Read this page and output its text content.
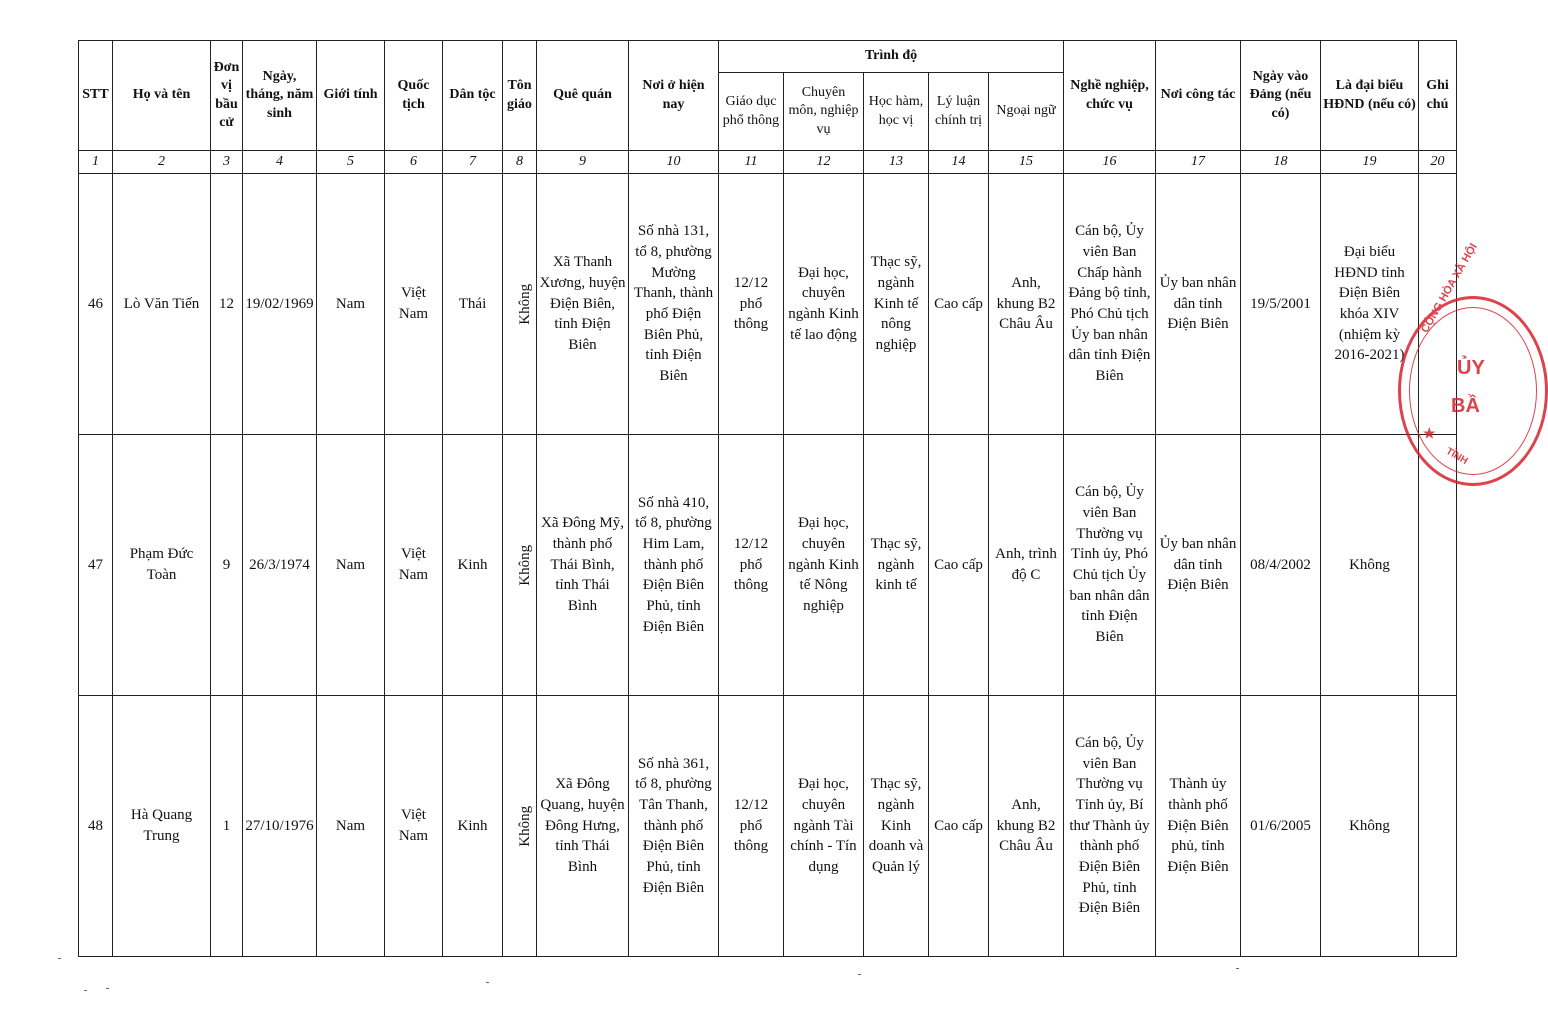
STT	Họ và tên	Đơn vị bầu cử	Ngày, tháng, năm sinh	Giới tính	Quốc tịch	Dân tộc	Tôn giáo	Quê quán	Nơi ở hiện nay	Trình độ					Nghề nghiệp, chức vụ	Nơi công tác	Ngày vào Đảng (nếu có)	Là đại biểu HĐND (nếu có)	Ghi chú
										Giáo dục phổ thông	Chuyên môn, nghiệp vụ	Học hàm, học vị	Lý luận chính trị	Ngoại ngữ					
1	2	3	4	5	6	7	8	9	10	11	12	13	14	15	16	17	18	19	20
46	Lò Văn Tiến	12	19/02/1969	Nam	Việt Nam	Thái	Không	Xã Thanh Xương, huyện Điện Biên, tỉnh Điện Biên	Số nhà 131, tổ 8, phường Mường Thanh, thành phố Điện Biên Phủ, tỉnh Điện Biên	12/12 phổ thông	Đại học, chuyên ngành Kinh tế lao động	Thạc sỹ, ngành Kinh tế nông nghiệp	Cao cấp	Anh, khung B2 Châu Âu	Cán bộ, Ủy viên Ban Chấp hành Đảng bộ tỉnh, Phó Chủ tịch Ủy ban nhân dân tỉnh Điện Biên	Ủy ban nhân dân tỉnh Điện Biên	19/5/2001	Đại biểu HĐND tỉnh Điện Biên khóa XIV (nhiệm kỳ 2016-2021)	
47	Phạm Đức Toàn	9	26/3/1974	Nam	Việt Nam	Kinh	Không	Xã Đông Mỹ, thành phố Thái Bình, tỉnh Thái Bình	Số nhà 410, tổ 8, phường Him Lam, thành phố Điện Biên Phủ, tỉnh Điện Biên	12/12 phổ thông	Đại học, chuyên ngành Kinh tế Nông nghiệp	Thạc sỹ, ngành kinh tế	Cao cấp	Anh, trình độ C	Cán bộ, Ủy viên Ban Thường vụ Tỉnh ủy, Phó Chủ tịch Ủy ban nhân dân tỉnh Điện Biên	Ủy ban nhân dân tỉnh Điện Biên	08/4/2002	Không	
48	Hà Quang Trung	1	27/10/1976	Nam	Việt Nam	Kinh	Không	Xã Đông Quang, huyện Đông Hưng, tỉnh Thái Bình	Số nhà 361, tổ 8, phường Tân Thanh, thành phố Điện Biên Phủ, tỉnh Điện Biên	12/12 phổ thông	Đại học, chuyên ngành Tài chính - Tín dụng	Thạc sỹ, ngành Kinh doanh và Quản lý	Cao cấp	Anh, khung B2 Châu Âu	Cán bộ, Ủy viên Ban Thường vụ Tỉnh ủy, Bí thư Thành ủy thành phố Điện Biên Phủ, tỉnh Điện Biên	Thành ủy thành phố Điện Biên phủ, tỉnh Điện Biên	01/6/2005	Không	
CỘNG HÒA XÃ HỘI
ỦY
BẦ
★
TỈNH
